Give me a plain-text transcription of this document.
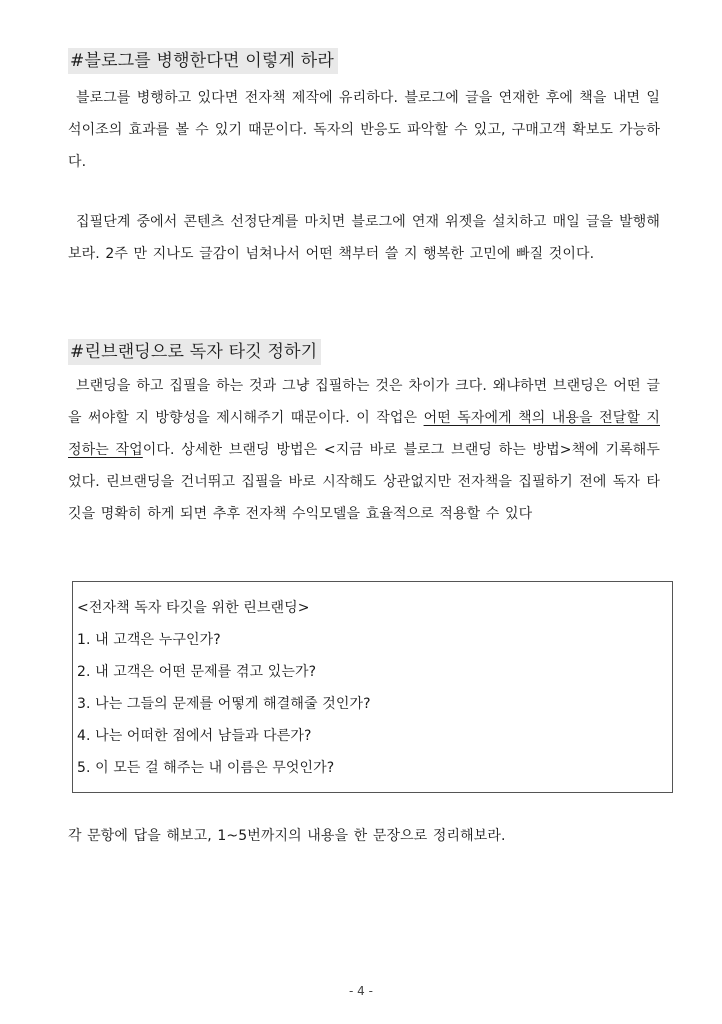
#블로그를 병행한다면 이렇게 하라

블로그를 병행하고 있다면 전자책 제작에 유리하다. 블로그에 글을 연재한 후에 책을 내면 일석이조의 효과를 볼 수 있기 때문이다. 독자의 반응도 파악할 수 있고, 구매고객 확보도 가능하다.

집필단계 중에서 콘텐츠 선정단계를 마치면 블로그에 연재 위젯을 설치하고 매일 글을 발행해보라. 2주 만 지나도 글감이 넘쳐나서 어떤 책부터 쓸 지 행복한 고민에 빠질 것이다.

#린브랜딩으로 독자 타깃 정하기

브랜딩을 하고 집필을 하는 것과 그냥 집필하는 것은 차이가 크다. 왜냐하면 브랜딩은 어떤 글을 써야할 지 방향성을 제시해주기 때문이다. 이 작업은 어떤 독자에게 책의 내용을 전달할 지 정하는 작업이다. 상세한 브랜딩 방법은 <지금 바로 블로그 브랜딩 하는 방법>책에 기록해두었다. 린브랜딩을 건너뛰고 집필을 바로 시작해도 상관없지만 전자책을 집필하기 전에 독자 타깃을 명확히 하게 되면 추후 전자책 수익모델을 효율적으로 적용할 수 있다

<전자책 독자 타깃을 위한 린브랜딩>

1. 내 고객은 누구인가?

2. 내 고객은 어떤 문제를 겪고 있는가?

3. 나는 그들의 문제를 어떻게 해결해줄 것인가?

4. 나는 어떠한 점에서 남들과 다른가?

5. 이 모든 걸 해주는 내 이름은 무엇인가?

각 문항에 답을 해보고, 1~5번까지의 내용을 한 문장으로 정리해보라.

- 4 -
